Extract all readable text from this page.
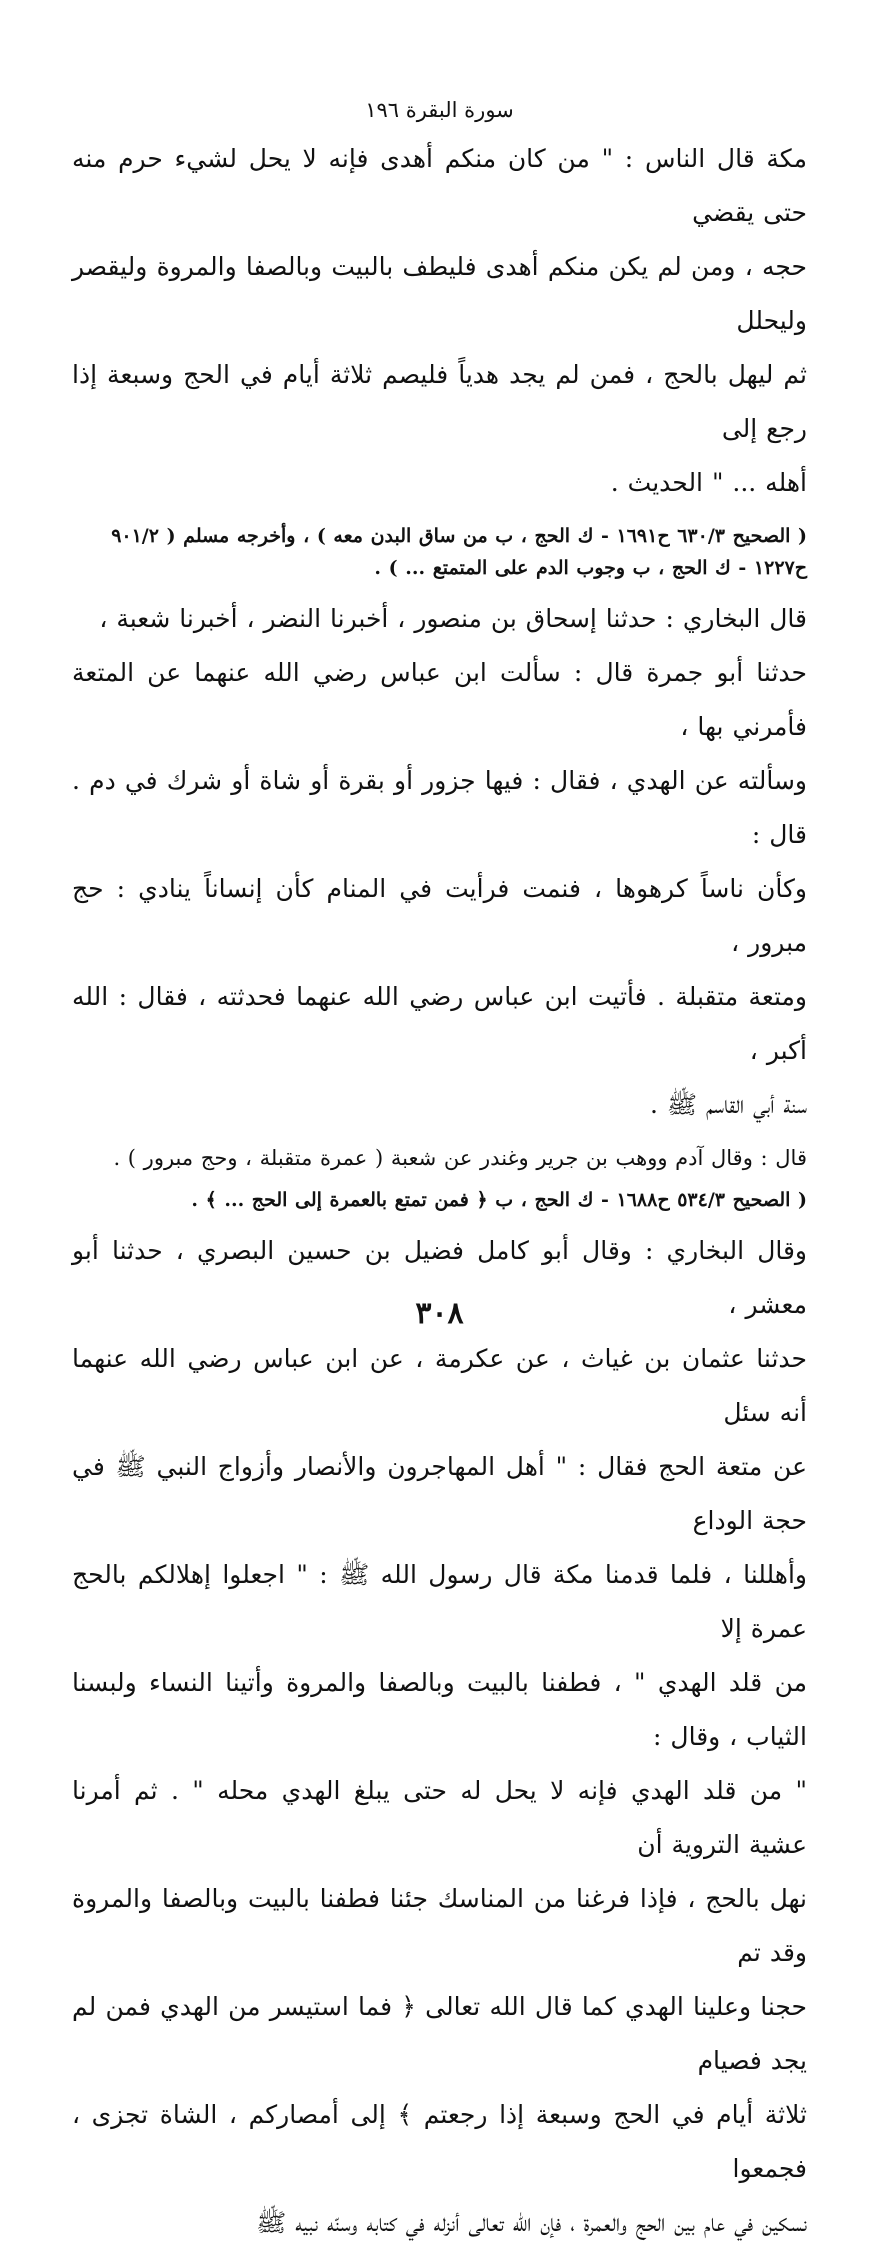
سورة البقرة ١٩٦

مكة قال الناس : " من كان منكم أهدى فإنه لا يحل لشيء حرم منه حتى يقضي

حجه ، ومن لم يكن منكم أهدى فليطف بالبيت وبالصفا والمروة وليقصر وليحلل

ثم ليهل بالحج ، فمن لم يجد هدياً فليصم ثلاثة أيام في الحج وسبعة إذا رجع إلى

أهله ... " الحديث .

( الصحيح ٦٣٠/٣ ح١٦٩١ - ك الحج ، ب من ساق البدن معه ) ، وأخرجه مسلم ( ٩٠١/٢

ح١٢٢٧ - ك الحج ، ب وجوب الدم على المتمتع ... ) .

قال البخاري : حدثنا إسحاق بن منصور ، أخبرنا النضر ، أخبرنا شعبة ،

حدثنا أبو جمرة قال : سألت ابن عباس رضي الله عنهما عن المتعة فأمرني بها ،

وسألته عن الهدي ، فقال : فيها جزور أو بقرة أو شاة أو شرك في دم . قال :

وكأن ناساً كرهوها ، فنمت فرأيت في المنام كأن إنساناً ينادي : حج مبرور ،

ومتعة متقبلة . فأتيت ابن عباس رضي الله عنهما فحدثته ، فقال : الله أكبر ،

سنة أبي القاسم ﷺ .

قال : وقال آدم ووهب بن جرير وغندر عن شعبة ( عمرة متقبلة ، وحج مبرور ) .

( الصحيح ٥٣٤/٣ ح١٦٨٨ - ك الحج ، ب ﴿ فمن تمتع بالعمرة إلى الحج ... ﴾ .

وقال البخاري : وقال أبو كامل فضيل بن حسين البصري ، حدثنا أبو معشر ،

حدثنا عثمان بن غياث ، عن عكرمة ، عن ابن عباس رضي الله عنهما أنه سئل

عن متعة الحج فقال : " أهل المهاجرون والأنصار وأزواج النبي ﷺ في حجة الوداع

وأهللنا ، فلما قدمنا مكة قال رسول الله ﷺ : " اجعلوا إهلالكم بالحج عمرة إلا

من قلد الهدي " ، فطفنا بالبيت وبالصفا والمروة وأتينا النساء ولبسنا الثياب ، وقال :

" من قلد الهدي فإنه لا يحل له حتى يبلغ الهدي محله " . ثم أمرنا عشية التروية أن

نهل بالحج ، فإذا فرغنا من المناسك جئنا فطفنا بالبيت وبالصفا والمروة وقد تم

حجنا وعلينا الهدي كما قال الله تعالى ﴿ فما استيسر من الهدي فمن لم يجد فصيام

ثلاثة أيام في الحج وسبعة إذا رجعتم ﴾ إلى أمصاركم ، الشاة تجزى ، فجمعوا

نسكين في عام بين الحج والعمرة ، فإن الله تعالى أنزله في كتابه وسنّه نبيه ﷺ

٣٠٨
